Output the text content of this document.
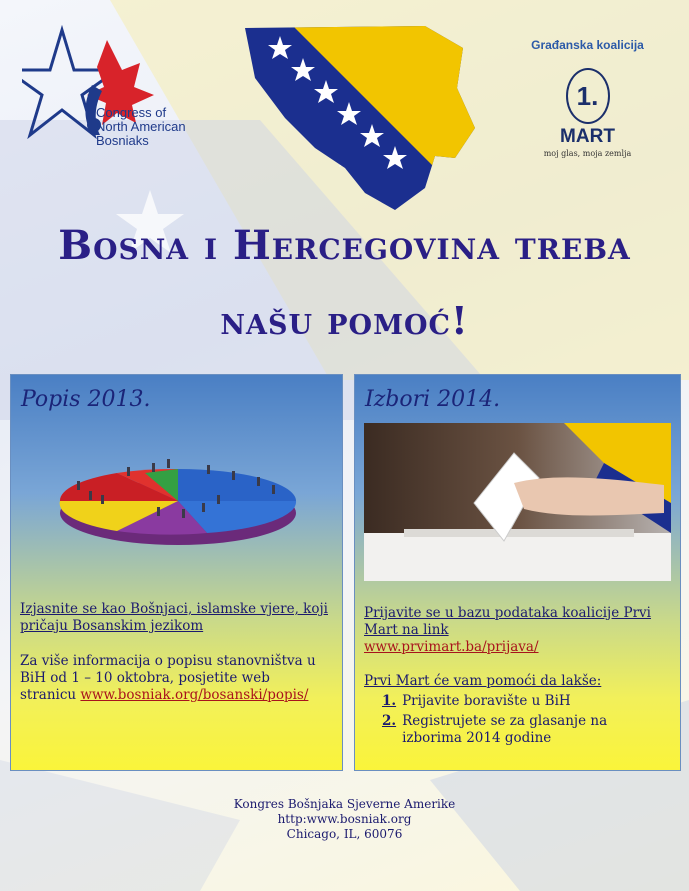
Congress of
North American
Bosniaks
Građanska koalicija
1.
MART
moj glas, moja zemlja
Bosna i Hercegovina treba
našu pomoć!
Popis 2013.
Izjasnite se kao Bošnjaci, islamske vjere, koji pričaju Bosanskim jezikom
Za više informacija o popisu stanovništva u BiH od 1 – 10 oktobra, posjetite web stranicu www.bosniak.org/bosanski/popis/
Izbori 2014.
Prijavite se u bazu podataka koalicije Prvi Mart na link
www.prvimart.ba/prijava/
Prvi Mart će vam pomoći da lakše:
1. Prijavite boravište u BiH
2. Registrujete se za glasanje na izborima 2014 godine
Kongres Bošnjaka Sjeverne Amerike
http:www.bosniak.org
Chicago, IL, 60076
